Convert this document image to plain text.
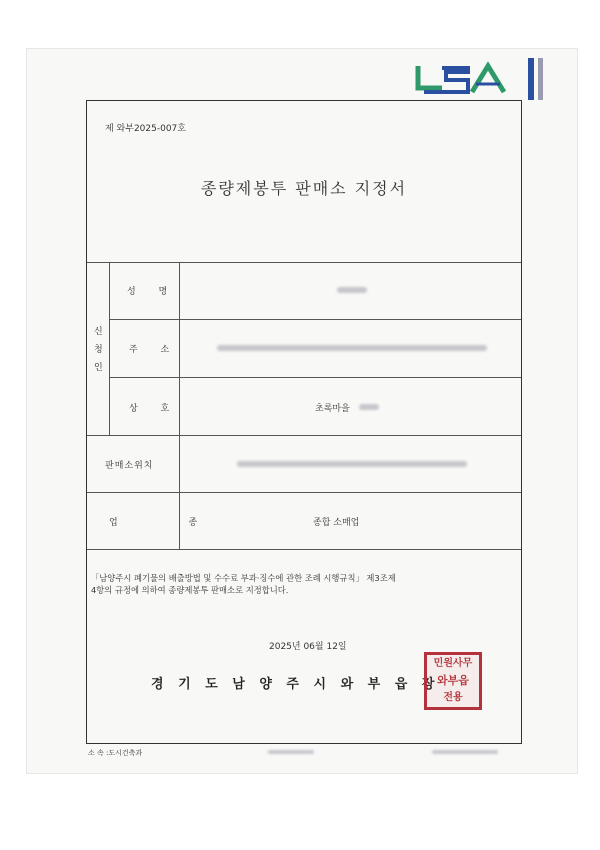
제 와부2025-007호
종량제봉투 판매소 지정서
신
청
인
성 명
주 소
상 호	초록마을
판매소위치
업 종	종합 소매업
「남양주시 폐기물의 배출방법 및 수수료 부과·징수에 관한 조례 시행규칙」 제3조제
4항의 규정에 의하여 종량제봉투 판매소로 지정합니다.
2025년 06월 12일
경 기 도 남 양 주 시 와 부 읍 장
민원사무
와부읍
전용
소 속 :도시건축과
